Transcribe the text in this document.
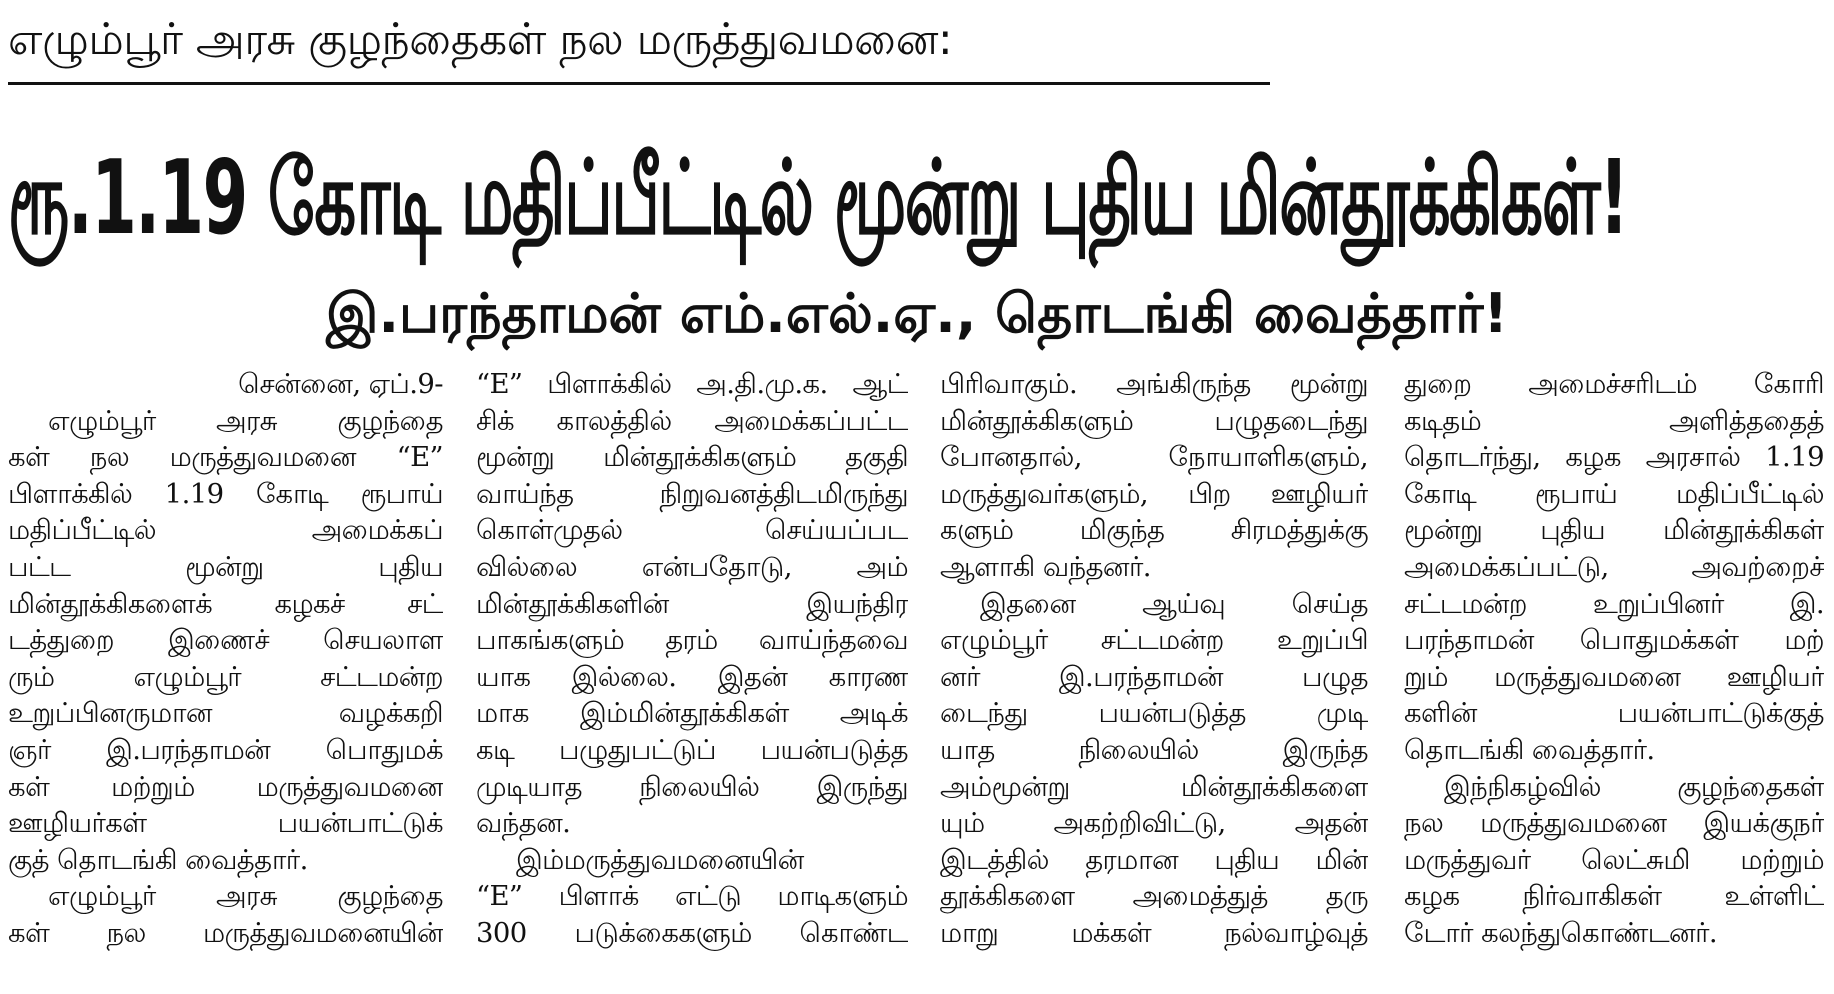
எழும்பூர் அரசு குழந்தைகள் நல மருத்துவமனை:
ரூ.1.19 கோடி மதிப்பீட்டில் மூன்று புதிய மின்தூக்கிகள்!
இ.பரந்தாமன் எம்.எல்.ஏ., தொடங்கி வைத்தார்!
சென்னை, ஏப்.9-
எழும்பூர் அரசு குழந்தை
கள் நல மருத்துவமனை “E”
பிளாக்கில் 1.19 கோடி ரூபாய்
மதிப்பீட்டில் அமைக்கப்
பட்ட மூன்று புதிய
மின்தூக்கிகளைக் கழகச் சட்
டத்துறை இணைச் செயலாள
ரும் எழும்பூர் சட்டமன்ற
உறுப்பினருமான வழக்கறி
ஞர் இ.பரந்தாமன் பொதுமக்
கள் மற்றும் மருத்துவமனை
ஊழியர்கள் பயன்பாட்டுக்
குத் தொடங்கி வைத்தார்.
எழும்பூர் அரசு குழந்தை
கள் நல மருத்துவமனையின்
“E” பிளாக்கில் அ.தி.மு.க. ஆட்
சிக் காலத்தில் அமைக்கப்பட்ட
மூன்று மின்தூக்கிகளும் தகுதி
வாய்ந்த நிறுவனத்திடமிருந்து
கொள்முதல் செய்யப்பட
வில்லை என்பதோடு, அம்
மின்தூக்கிகளின் இயந்திர
பாகங்களும் தரம் வாய்ந்தவை
யாக இல்லை. இதன் காரண
மாக இம்மின்தூக்கிகள் அடிக்
கடி பழுதுபட்டுப் பயன்படுத்த
முடியாத நிலையில் இருந்து
வந்தன.
இம்மருத்துவமனையின்
“E” பிளாக் எட்டு மாடிகளும்
300 படுக்கைகளும் கொண்ட
பிரிவாகும். அங்கிருந்த மூன்று
மின்தூக்கிகளும் பழுதடைந்து
போனதால், நோயாளிகளும்,
மருத்துவர்களும், பிற ஊழியர்
களும் மிகுந்த சிரமத்துக்கு
ஆளாகி வந்தனர்.
இதனை ஆய்வு செய்த
எழும்பூர் சட்டமன்ற உறுப்பி
னர் இ.பரந்தாமன் பழுத
டைந்து பயன்படுத்த முடி
யாத நிலையில் இருந்த
அம்மூன்று மின்தூக்கிகளை
யும் அகற்றிவிட்டு, அதன்
இடத்தில் தரமான புதிய மின்
தூக்கிகளை அமைத்துத் தரு
மாறு மக்கள் நல்வாழ்வுத்
துறை அமைச்சரிடம் கோரி
கடிதம் அளித்ததைத்
தொடர்ந்து, கழக அரசால் 1.19
கோடி ரூபாய் மதிப்பீட்டில்
மூன்று புதிய மின்தூக்கிகள்
அமைக்கப்பட்டு, அவற்றைச்
சட்டமன்ற உறுப்பினர் இ.
பரந்தாமன் பொதுமக்கள் மற்
றும் மருத்துவமனை ஊழியர்
களின் பயன்பாட்டுக்குத்
தொடங்கி வைத்தார்.
இந்நிகழ்வில் குழந்தைகள்
நல மருத்துவமனை இயக்குநர்
மருத்துவர் லெட்சுமி மற்றும்
கழக நிர்வாகிகள் உள்ளிட்
டோர் கலந்துகொண்டனர்.
